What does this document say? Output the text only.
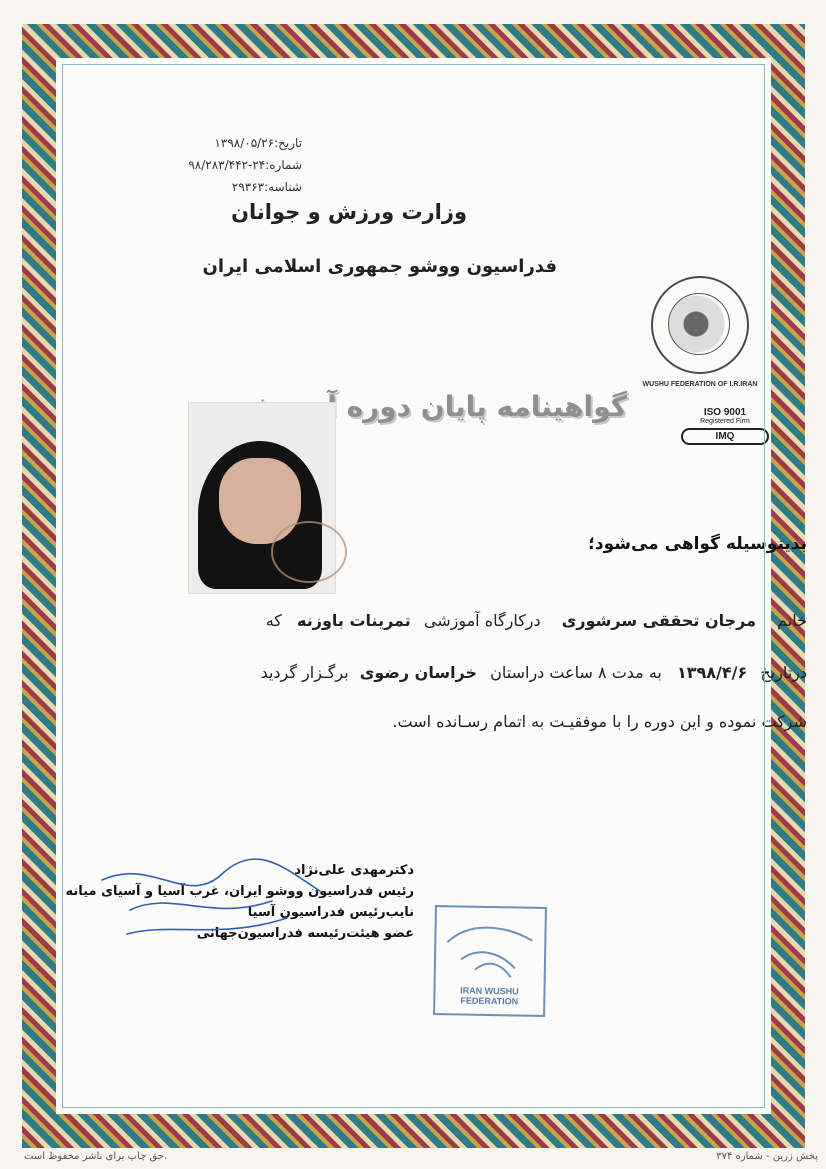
وزارت ورزش و جوانان
فدراسیون ووشو جمهوری اسلامی ایران
تاریخ:۱۳۹۸/۰۵/۲۶
شماره:۲۴-۹۸/۲۸۳/۴۴۲
شناسه:۲۹۳۶۳
WUSHU FEDERATION OF I.R.IRAN
ISO 9001
Registered Firm
IMQ
گواهینامه پایان دوره آموزشی
بدینوسیله گواهی می‌شود؛
خانم مرجان تحققی سرشوری درکارگاه آموزشی تمرینات باوزنه که
درتاریخ ۱۳۹۸/۴/۶ به مدت ۸ ساعت دراستان خراسان رضوی برگـزار گردید
شرکت نموده و این دوره را با موفقیـت به اتمام رسـانده است.
دکترمهدی علی‌نژاد
رئیس فدراسیون ووشو ایران، غرب آسیا و آسیای میانه
نایب‌رئیس فدراسیون آسیا
عضو هیئت‌رئیسه فدراسیون‌جهانی
IRAN WUSHU FEDERATION
حق چاپ برای ناشر محفوظ است.	پخش زرین - شماره ۳۷۴
